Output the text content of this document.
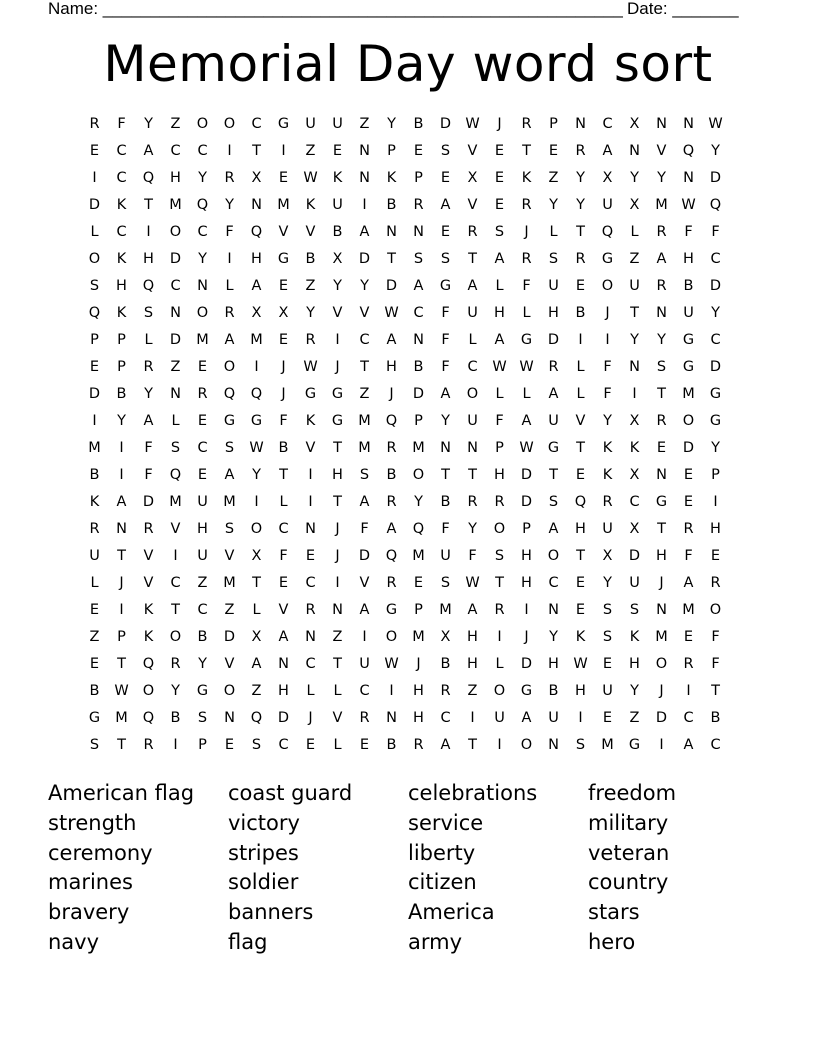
Name: _______________________________________________________ Date: _______
Memorial Day word sort
R	F	Y	Z	O	O	C	G	U	U	Z	Y	B	D W	J	R	P	N	C	X	N	N W
E	C	A	C	C	I	T	I	Z	E	N	P	E	S	V	E	T	E	R	A	N	V	Q	Y
I	C	Q	H	Y	R	X	E	W	K	N	K	P	E	X	E	K	Z	Y	X	Y	Y	N	D
D	K	T	M	Q	Y	N	M	K	U	I	B	R	A	V	E	R	Y	Y	U	X	M W Q
L	C	I	O	C	F	Q	V	V	B	A	N	N	E	R	S	J	L	T	Q	L	R	F	F
O	K	H	D	Y	I	H	G	B	X	D	T	S	S	T	A	R	S	R	G	Z	A	H	C
S	H	Q	C	N	L	A	E	Z	Y	Y	D	A	G	A	L	F	U	E	O	U	R	B	D
Q	K	S	N	O	R	X	X	Y	V	V	W	C	F	U	H	L	H	B	J	T	N	U	Y
P	P	L	D	M	A	M	E	R	I	C	A	N	F	L	A	G	D	I	I	Y	Y	G	C
E	P	R	Z	E	O	I	J	W	J	T	H	B	F	C	W W	R	L	F	N	S	G	D
D	B	Y	N	R	Q	Q	J	G	G	Z	J	D	A	O	L	L	A	L	F	I	T	M	G
I	Y	A	L	E	G	G	F	K	G	M	Q	P	Y	U	F	A	U	V	Y	X	R	O	G
M	I	F	S	C	S	W	B	V	T	M	R	M	N	N	P	W G	T	K	K	E	D	Y
B	I	F	Q	E	A	Y	T	I	H	S	B	O	T	T	H	D	T	E	K	X	N	E	P
K	A	D	M	U	M	I	L	I	T	A	R	Y	B	R	R	D	S	Q	R	C	G	E	I
R	N	R	V	H	S	O	C	N	J	F	A	Q	F	Y	O	P	A	H	U	X	T	R	H
U	T	V	I	U	V	X	F	E	J	D	Q	M	U	F	S	H	O	T	X	D	H	F	E
L	J	V	C	Z	M	T	E	C	I	V	R	E	S	W	T	H	C	E	Y	U	J	A	R
E	I	K	T	C	Z	L	V	R	N	A	G	P	M	A	R	I	N	E	S	S	N	M	O
Z	P	K	O	B	D	X	A	N	Z	I	O	M	X	H	I	J	Y	K	S	K	M	E	F
E	T	Q	R	Y	V	A	N	C	T	U	W	J	B	H	L	D	H W	E	H	O	R	F
B	W O	Y	G	O	Z	H	L	L	C	I	H	R	Z	O	G	B	H	U	Y	J	I	T
G	M	Q	B	S	N	Q	D	J	V	R	N	H	C	I	U	A	U	I	E	Z	D	C	B
S	T	R	I	P	E	S	C	E	L	E	B	R	A	T	I	O	N	S	M	G	I	A	C
American flag	coast guard	celebrations	freedom
strength	victory	service	military
ceremony	stripes	liberty	veteran
marines	soldier	citizen	country
bravery	banners	America	stars
navy	flag	army	hero
